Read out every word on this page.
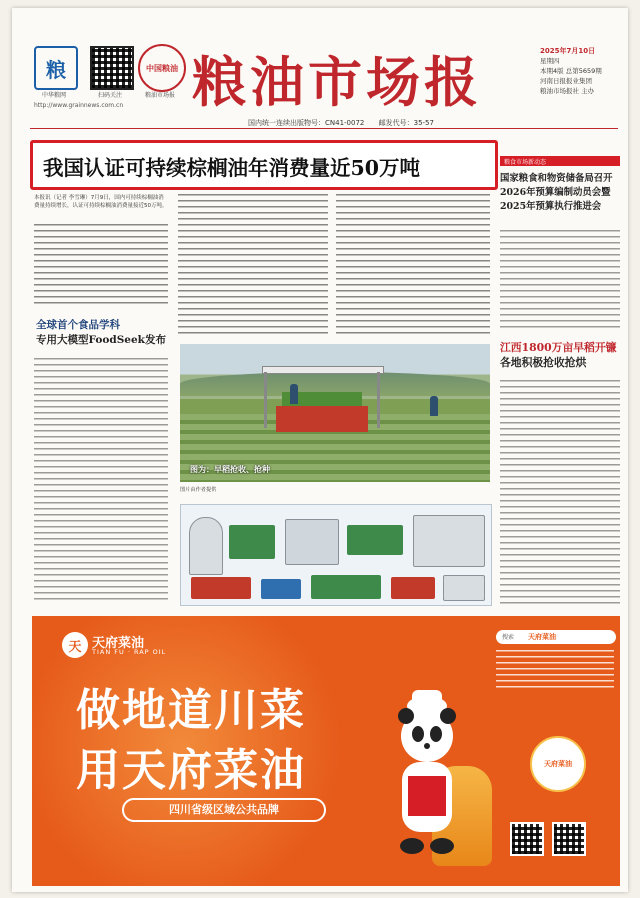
粮
中华粮网	扫码关注
中国粮油
粮油市场报 粮油市场报
http://www.grainnews.com.cn
国内统一连续出版物号：CN41-0072 邮发代号：35-57
2025年7月10日
星期四
本期4版 总第5659期
河南日报报业集团
粮油市场报社 主办
我国认证可持续棕榈油年消费量近50万吨
本报讯（记者 李雪琳）7月9日，国内可持续棕榈油消费量持续增长，认证可持续棕榈油消费量接近50万吨。
全球首个食品学科
专用大模型FoodSeek发布
图为：早稻抢收、抢种
图片由作者提供
粮食市场新动态
国家粮食和物资储备局召开2026年预算编制动员会暨2025年预算执行推进会
江西1800万亩早稻开镰
各地积极抢收抢烘
天 天府菜油
TIAN FU · RAP OIL
做地道川菜
用天府菜油
四川省级区域公共品牌
搜索 天府菜油
天府菜油
